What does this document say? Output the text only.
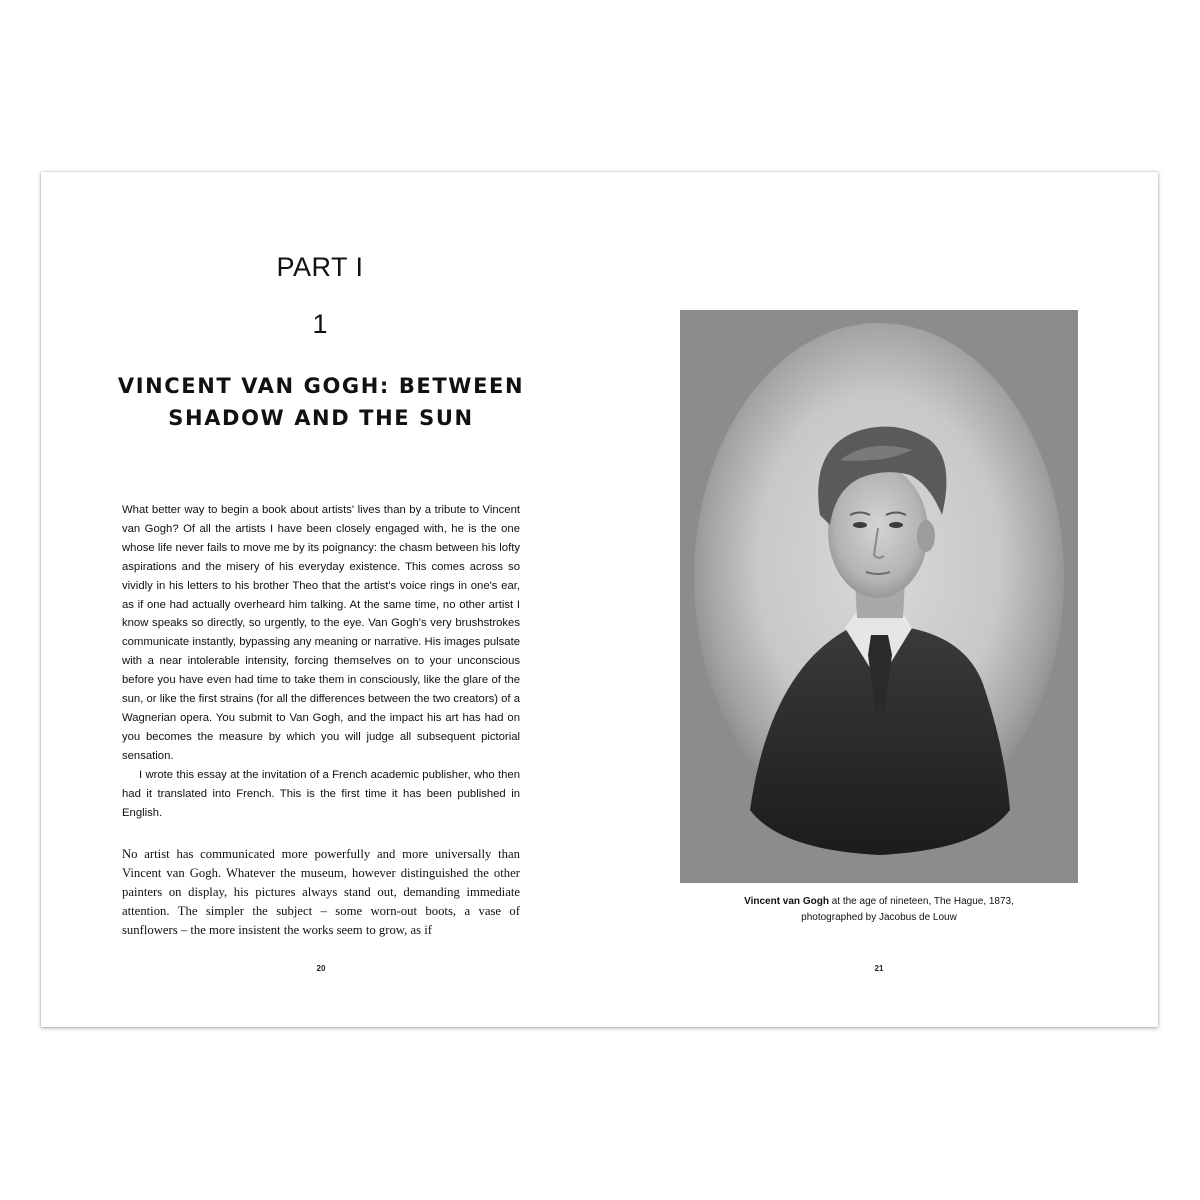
PART I
1
VINCENT VAN GOGH: BETWEEN
SHADOW AND THE SUN

What better way to begin a book about artists' lives than by a tribute to Vincent van Gogh? Of all the artists I have been closely engaged with, he is the one whose life never fails to move me by its poignancy: the chasm between his lofty aspirations and the misery of his everyday existence. This comes across so vividly in his letters to his brother Theo that the artist's voice rings in one's ear, as if one had actually overheard him talking. At the same time, no other artist I know speaks so directly, so urgently, to the eye. Van Gogh's very brushstrokes communicate instantly, bypassing any meaning or narrative. His images pulsate with a near intolerable intensity, forcing themselves on to your unconscious before you have even had time to take them in consciously, like the glare of the sun, or like the first strains (for all the differences between the two creators) of a Wagnerian opera. You submit to Van Gogh, and the impact his art has had on you becomes the measure by which you will judge all subsequent pictorial sensation.

I wrote this essay at the invitation of a French academic publisher, who then had it translated into French. This is the first time it has been published in English.

No artist has communicated more powerfully and more universally than Vincent van Gogh. Whatever the museum, however distinguished the other painters on display, his pictures always stand out, demanding immediate attention. The simpler the subject – some worn-out boots, a vase of sunflowers – the more insistent the works seem to grow, as if

20	21
Vincent van Gogh at the age of nineteen, The Hague, 1873,
photographed by Jacobus de Louw
